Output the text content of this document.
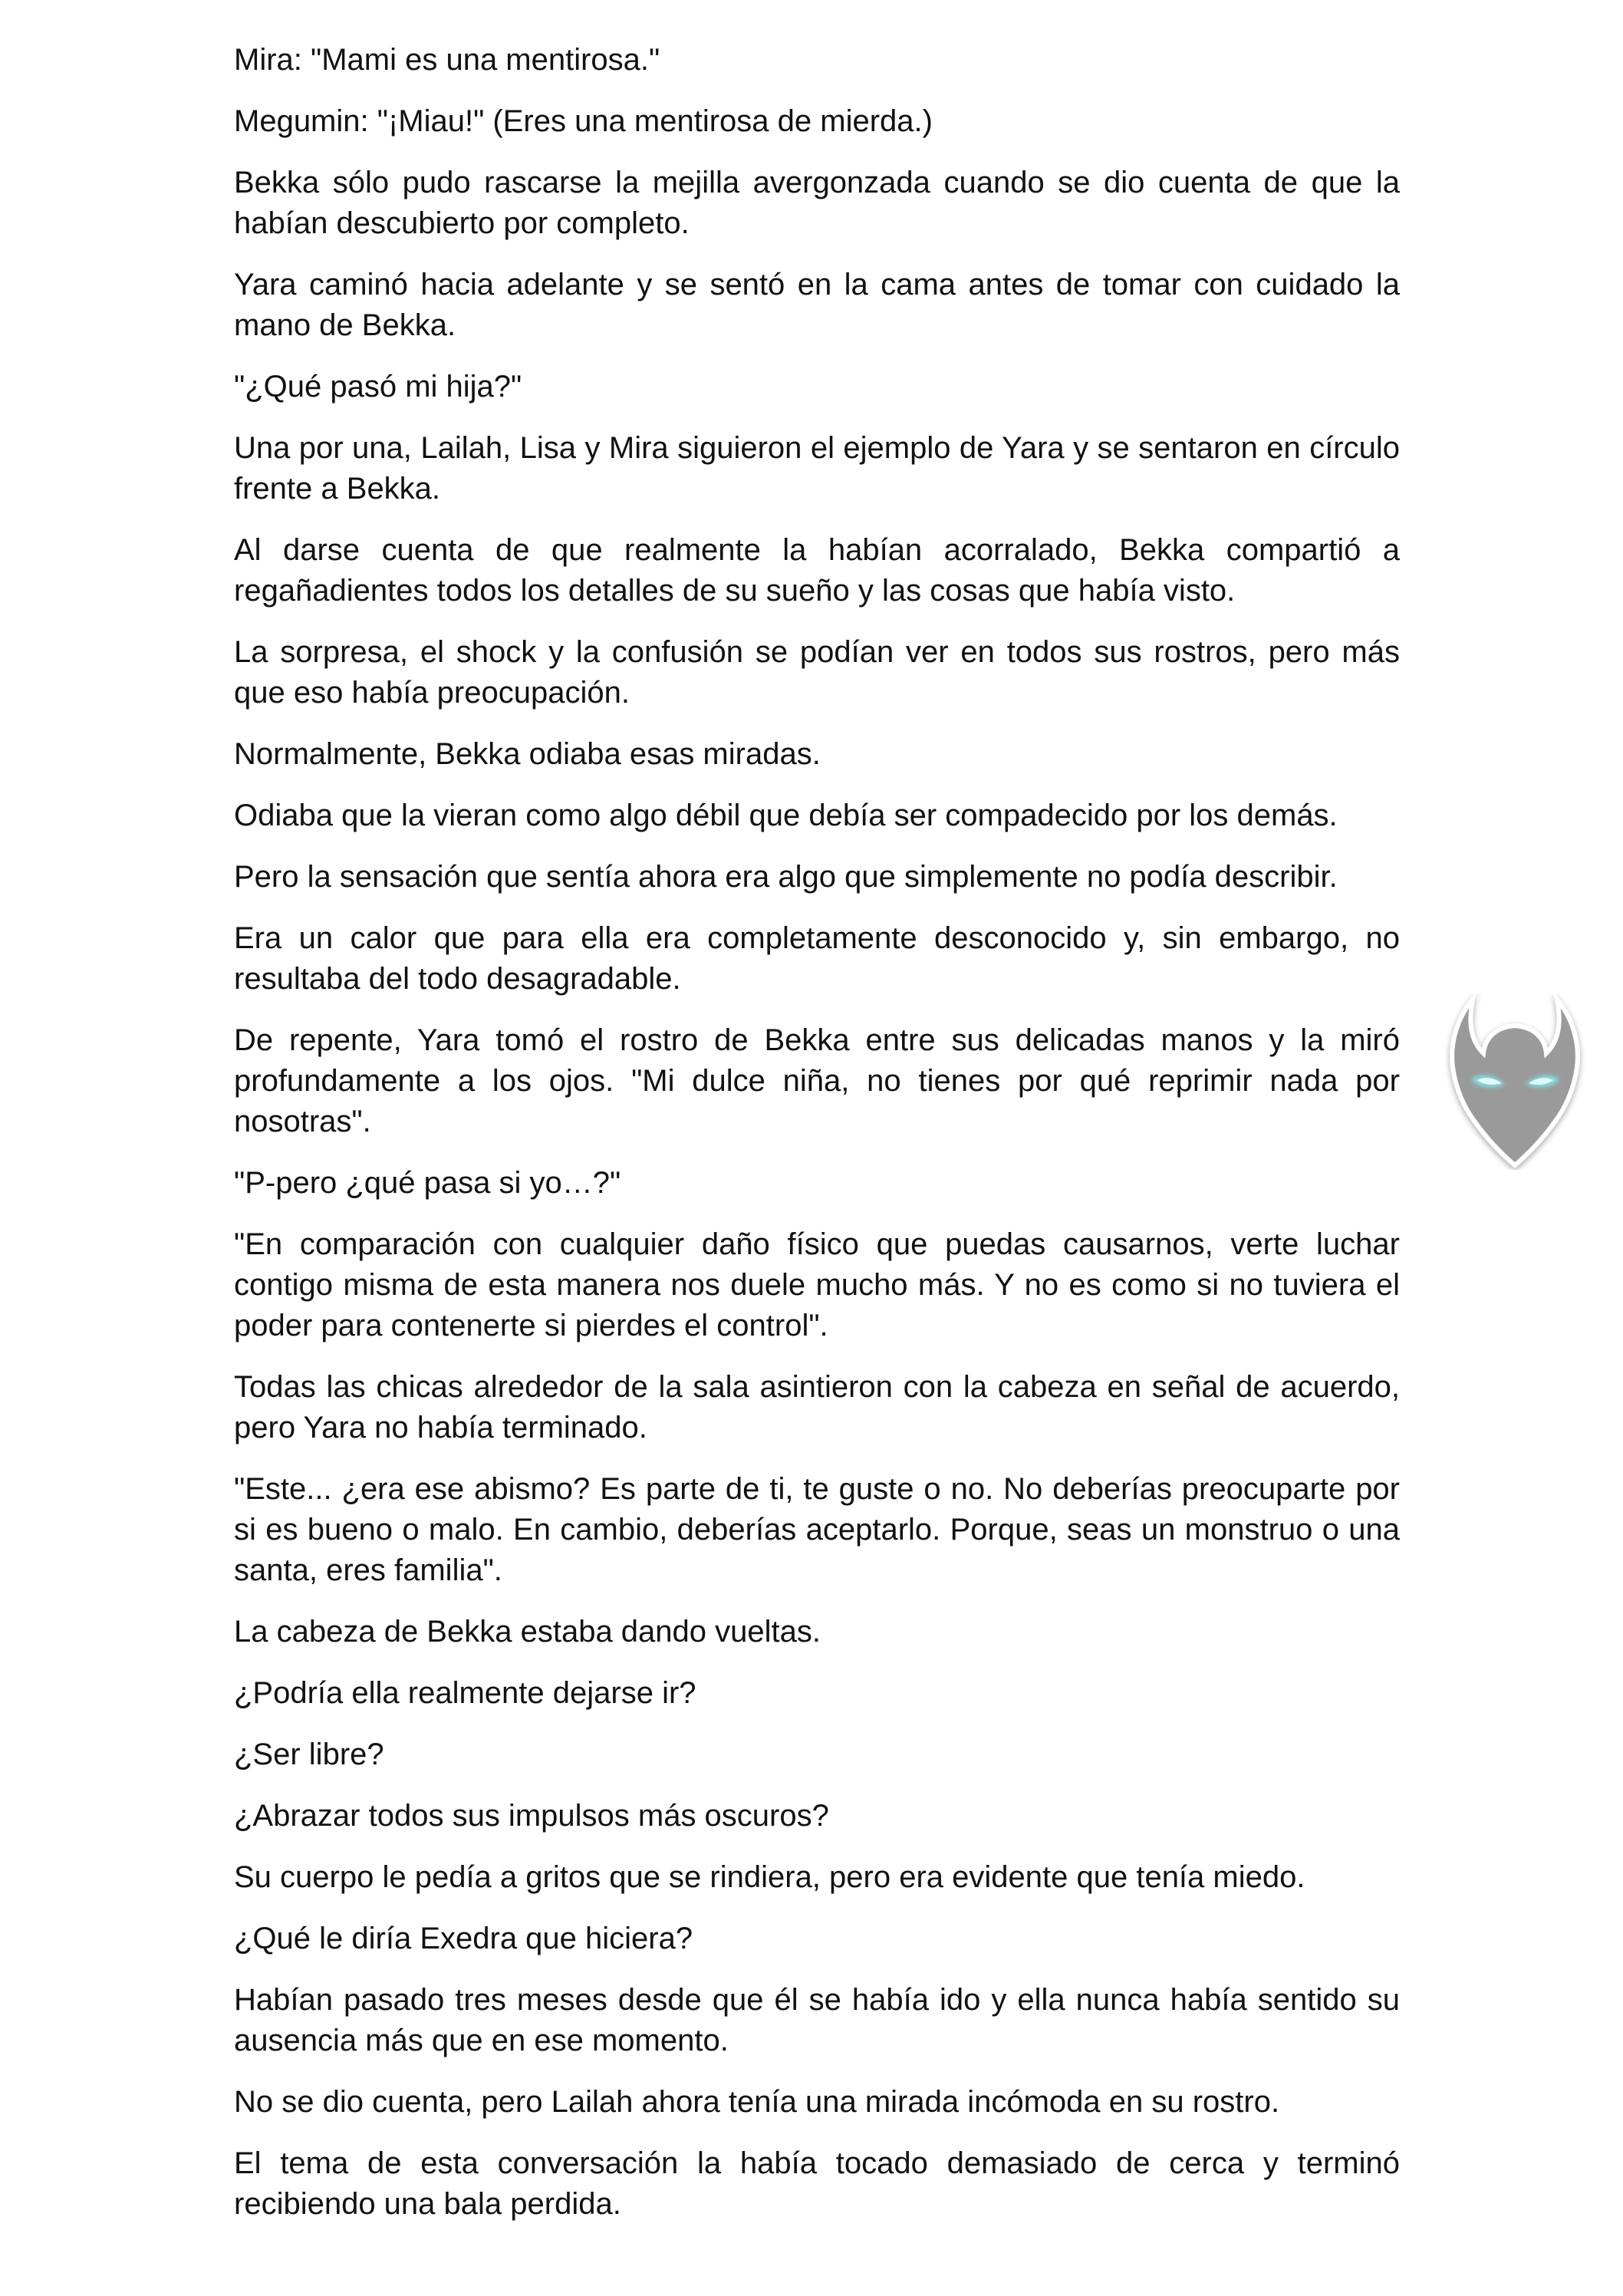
Mira: "Mami es una mentirosa."

Megumin: "¡Miau!" (Eres una mentirosa de mierda.)

Bekka sólo pudo rascarse la mejilla avergonzada cuando se dio cuenta de que la habían descubierto por completo.

Yara caminó hacia adelante y se sentó en la cama antes de tomar con cuidado la mano de Bekka.

"¿Qué pasó mi hija?"

Una por una, Lailah, Lisa y Mira siguieron el ejemplo de Yara y se sentaron en círculo frente a Bekka.

Al darse cuenta de que realmente la habían acorralado, Bekka compartió a regañadientes todos los detalles de su sueño y las cosas que había visto.

La sorpresa, el shock y la confusión se podían ver en todos sus rostros, pero más que eso había preocupación.

Normalmente, Bekka odiaba esas miradas.

Odiaba que la vieran como algo débil que debía ser compadecido por los demás.

Pero la sensación que sentía ahora era algo que simplemente no podía describir.

Era un calor que para ella era completamente desconocido y, sin embargo, no resultaba del todo desagradable.

De repente, Yara tomó el rostro de Bekka entre sus delicadas manos y la miró profundamente a los ojos. "Mi dulce niña, no tienes por qué reprimir nada por nosotras".

"P-pero ¿qué pasa si yo…?"

"En comparación con cualquier daño físico que puedas causarnos, verte luchar contigo misma de esta manera nos duele mucho más. Y no es como si no tuviera el poder para contenerte si pierdes el control".

Todas las chicas alrededor de la sala asintieron con la cabeza en señal de acuerdo, pero Yara no había terminado.

"Este... ¿era ese abismo? Es parte de ti, te guste o no. No deberías preocuparte por si es bueno o malo. En cambio, deberías aceptarlo. Porque, seas un monstruo o una santa, eres familia".

La cabeza de Bekka estaba dando vueltas.

¿Podría ella realmente dejarse ir?

¿Ser libre?

¿Abrazar todos sus impulsos más oscuros?

Su cuerpo le pedía a gritos que se rindiera, pero era evidente que tenía miedo.

¿Qué le diría Exedra que hiciera?

Habían pasado tres meses desde que él se había ido y ella nunca había sentido su ausencia más que en ese momento.

No se dio cuenta, pero Lailah ahora tenía una mirada incómoda en su rostro.

El tema de esta conversación la había tocado demasiado de cerca y terminó recibiendo una bala perdida.
